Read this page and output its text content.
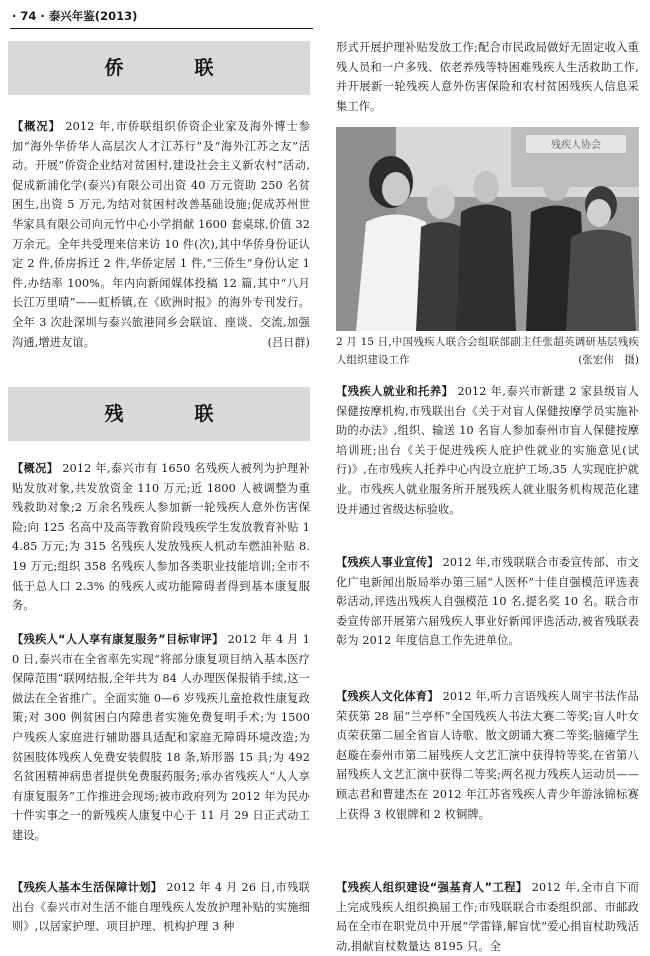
· 74 · 泰兴年鉴(2013)
侨　联
残　联
【概况】 2012 年,市侨联组织侨资企业家及海外博士参加“海外华侨华人高层次人才江苏行”及“海外江苏之友”活动。开展“侨资企业结对贫困村,建设社会主义新农村”活动,促成新浦化学(泰兴)有限公司出资 40 万元资助 250 名贫困生,出资 5 万元,为结对贫困村改善基础设施;促成苏州世华家具有限公司向元竹中心小学捐献 1600 套桌球,价值 32 万余元。全年共受理来信来访 10 件(次),其中华侨身份证认定 2 件,侨房拆迁 2 件,华侨定居 1 件,“三侨生”身份认定 1 件,办结率 100%。年内向新闻媒体投稿 12 篇,其中“八月长江万里晴”——虹桥镇,在《欧洲时报》的海外专刊发行。全年 3 次赴深圳与泰兴旅港同乡会联谊、座谈、交流,加强沟通,增进友谊。	(吕日群)
【概况】 2012 年,泰兴市有 1650 名残疾人被列为护理补贴发放对象,共发放资金 110 万元;近 1800 人被调整为重残救助对象;2 万余名残疾人参加新一轮残疾人意外伤害保险;向 125 名高中及高等教育阶段残疾学生发放教育补贴 14.85 万元;为 315 名残疾人发放残疾人机动车燃油补贴 8.19 万元;组织 358 名残疾人参加各类职业技能培训;全市不低于总人口 2.3% 的残疾人或功能障碍者得到基本康复服务。
【残疾人“人人享有康复服务”目标审评】 2012 年 4 月 10 日,泰兴市在全省率先实现“将部分康复项目纳入基本医疗保障范围”联网结报,全年共为 84 人办理医保报销手续,这一做法在全省推广。全面实施 0—6 岁残疾儿童抢救性康复政策;对 300 例贫困白内障患者实施免费复明手术;为 1500 户残疾人家庭进行辅助器具适配和家庭无障碍环境改造;为贫困肢体残疾人免费安装假肢 18 条,矫形器 15 具;为 492 名贫困精神病患者提供免费服药服务;承办省残疾人“人人享有康复服务”工作推进会现场;被市政府列为 2012 年为民办十件实事之一的新残疾人康复中心于 11 月 29 日正式动工建设。
【残疾人基本生活保障计划】 2012 年 4 月 26 日,市残联出台《泰兴市对生活不能自理残疾人发放护理补贴的实施细则》,以居家护理、项目护理、机构护理 3 种
形式开展护理补贴发放工作;配合市民政局做好无固定收入重残人员和一户多残、依老养残等特困难残疾人生活救助工作,并开展新一轮残疾人意外伤害保险和农村贫困残疾人信息采集工作。
残疾人协会
2 月 15 日,中国残疾人联合会组联部副主任张超英调研基层残疾人组织建设工作	(张宏伟　摄)
【残疾人就业和托养】 2012 年,泰兴市新建 2 家县级盲人保健按摩机构,市残联出台《关于对盲人保健按摩学员实施补助的办法》,组织、输送 10 名盲人参加泰州市盲人保健按摩培训班;出台《关于促进残疾人庇护性就业的实施意见(试行)》,在市残疾人托养中心内设立庇护工场,35 人实现庇护就业。市残疾人就业服务所开展残疾人就业服务机构规范化建设并通过省级达标验收。
【残疾人事业宣传】 2012 年,市残联联合市委宣传部、市文化广电新闻出版局举办第三届“人医杯”十佳自强模范评选表彰活动,评选出残疾人自强模范 10 名,提名奖 10 名。联合市委宣传部开展第六届残疾人事业好新闻评选活动,被省残联表彰为 2012 年度信息工作先进单位。
【残疾人文化体育】 2012 年,听力言语残疾人周宇书法作品荣获第 28 届“兰亭杯”全国残疾人书法大赛二等奖;盲人叶女贞荣获第二届全省盲人诗歌、散文朗诵大赛二等奖;脑瘫学生赵璇在泰州市第二届残疾人文艺汇演中获得特等奖,在省第八届残疾人文艺汇演中获得二等奖;两名视力残疾人运动员——顾志君和曹建杰在 2012 年江苏省残疾人青少年游泳锦标赛上获得 3 枚银牌和 2 枚铜牌。
【残疾人组织建设“强基育人”工程】 2012 年,全市自下而上完成残疾人组织换届工作;市残联联合市委组织部、市邮政局在全市在职党员中开展“学雷锋,解盲忧”爱心捐盲杖助残活动,捐献盲杖数量达 8195 只。全
